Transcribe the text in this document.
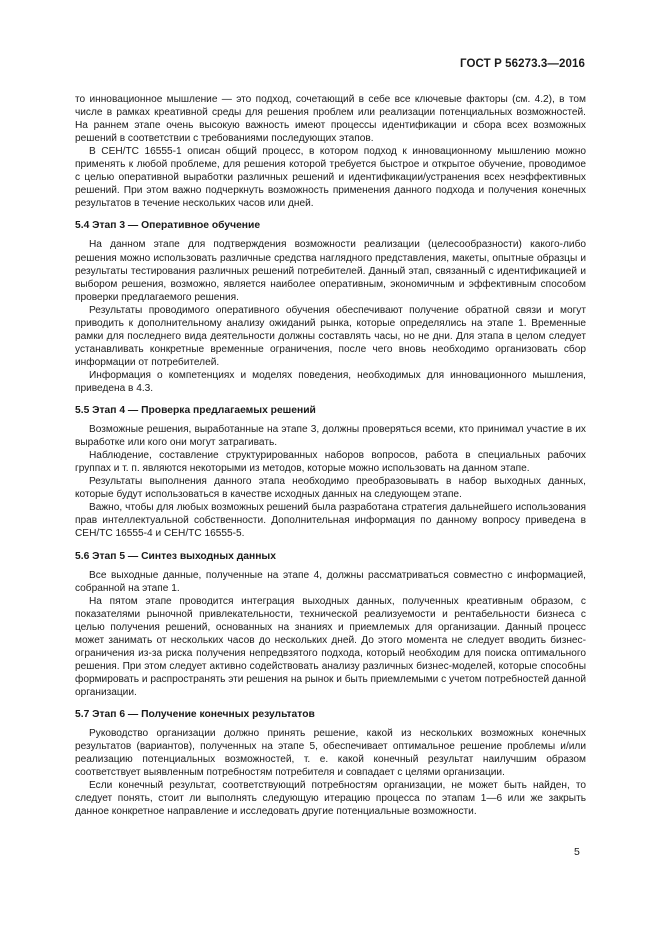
ГОСТ Р 56273.3—2016

то инновационное мышление — это подход, сочетающий в себе все ключевые факторы (см. 4.2), в том числе в рамках креативной среды для решения проблем или реализации потенциальных возможностей. На раннем этапе очень высокую важность имеют процессы идентификации и сбора всех возможных решений в соответствии с требованиями последующих этапов.

В СЕН/ТС 16555-1 описан общий процесс, в котором подход к инновационному мышлению можно применять к любой проблеме, для решения которой требуется быстрое и открытое обучение, проводимое с целью оперативной выработки различных решений и идентификации/устранения всех неэффективных решений. При этом важно подчеркнуть возможность применения данного подхода и получения конечных результатов в течение нескольких часов или дней.

5.4 Этап 3 — Оперативное обучение

На данном этапе для подтверждения возможности реализации (целесообразности) какого-либо решения можно использовать различные средства наглядного представления, макеты, опытные образцы и результаты тестирования различных решений потребителей. Данный этап, связанный с идентификацией и выбором решения, возможно, является наиболее оперативным, экономичным и эффективным способом проверки предлагаемого решения.

Результаты проводимого оперативного обучения обеспечивают получение обратной связи и могут приводить к дополнительному анализу ожиданий рынка, которые определялись на этапе 1. Временные рамки для последнего вида деятельности должны составлять часы, но не дни. Для этапа в целом следует устанавливать конкретные временные ограничения, после чего вновь необходимо организовать сбор информации от потребителей.

Информация о компетенциях и моделях поведения, необходимых для инновационного мышления, приведена в 4.3.

5.5 Этап 4 — Проверка предлагаемых решений

Возможные решения, выработанные на этапе 3, должны проверяться всеми, кто принимал участие в их выработке или кого они могут затрагивать.

Наблюдение, составление структурированных наборов вопросов, работа в специальных рабочих группах и т. п. являются некоторыми из методов, которые можно использовать на данном этапе.

Результаты выполнения данного этапа необходимо преобразовывать в набор выходных данных, которые будут использоваться в качестве исходных данных на следующем этапе.

Важно, чтобы для любых возможных решений была разработана стратегия дальнейшего использования прав интеллектуальной собственности. Дополнительная информация по данному вопросу приведена в СЕН/ТС 16555-4 и СЕН/ТС 16555-5.

5.6 Этап 5 — Синтез выходных данных

Все выходные данные, полученные на этапе 4, должны рассматриваться совместно с информацией, собранной на этапе 1.

На пятом этапе проводится интеграция выходных данных, полученных креативным образом, с показателями рыночной привлекательности, технической реализуемости и рентабельности бизнеса с целью получения решений, основанных на знаниях и приемлемых для организации. Данный процесс может занимать от нескольких часов до нескольких дней. До этого момента не следует вводить бизнес-ограничения из-за риска получения непредвзятого подхода, который необходим для поиска оптимального решения. При этом следует активно содействовать анализу различных бизнес-моделей, которые способны формировать и распространять эти решения на рынок и быть приемлемыми с учетом потребностей данной организации.

5.7 Этап 6 — Получение конечных результатов

Руководство организации должно принять решение, какой из нескольких возможных конечных результатов (вариантов), полученных на этапе 5, обеспечивает оптимальное решение проблемы и/или реализацию потенциальных возможностей, т. е. какой конечный результат наилучшим образом соответствует выявленным потребностям потребителя и совпадает с целями организации.

Если конечный результат, соответствующий потребностям организации, не может быть найден, то следует понять, стоит ли выполнять следующую итерацию процесса по этапам 1—6 или же закрыть данное конкретное направление и исследовать другие потенциальные возможности.

5
